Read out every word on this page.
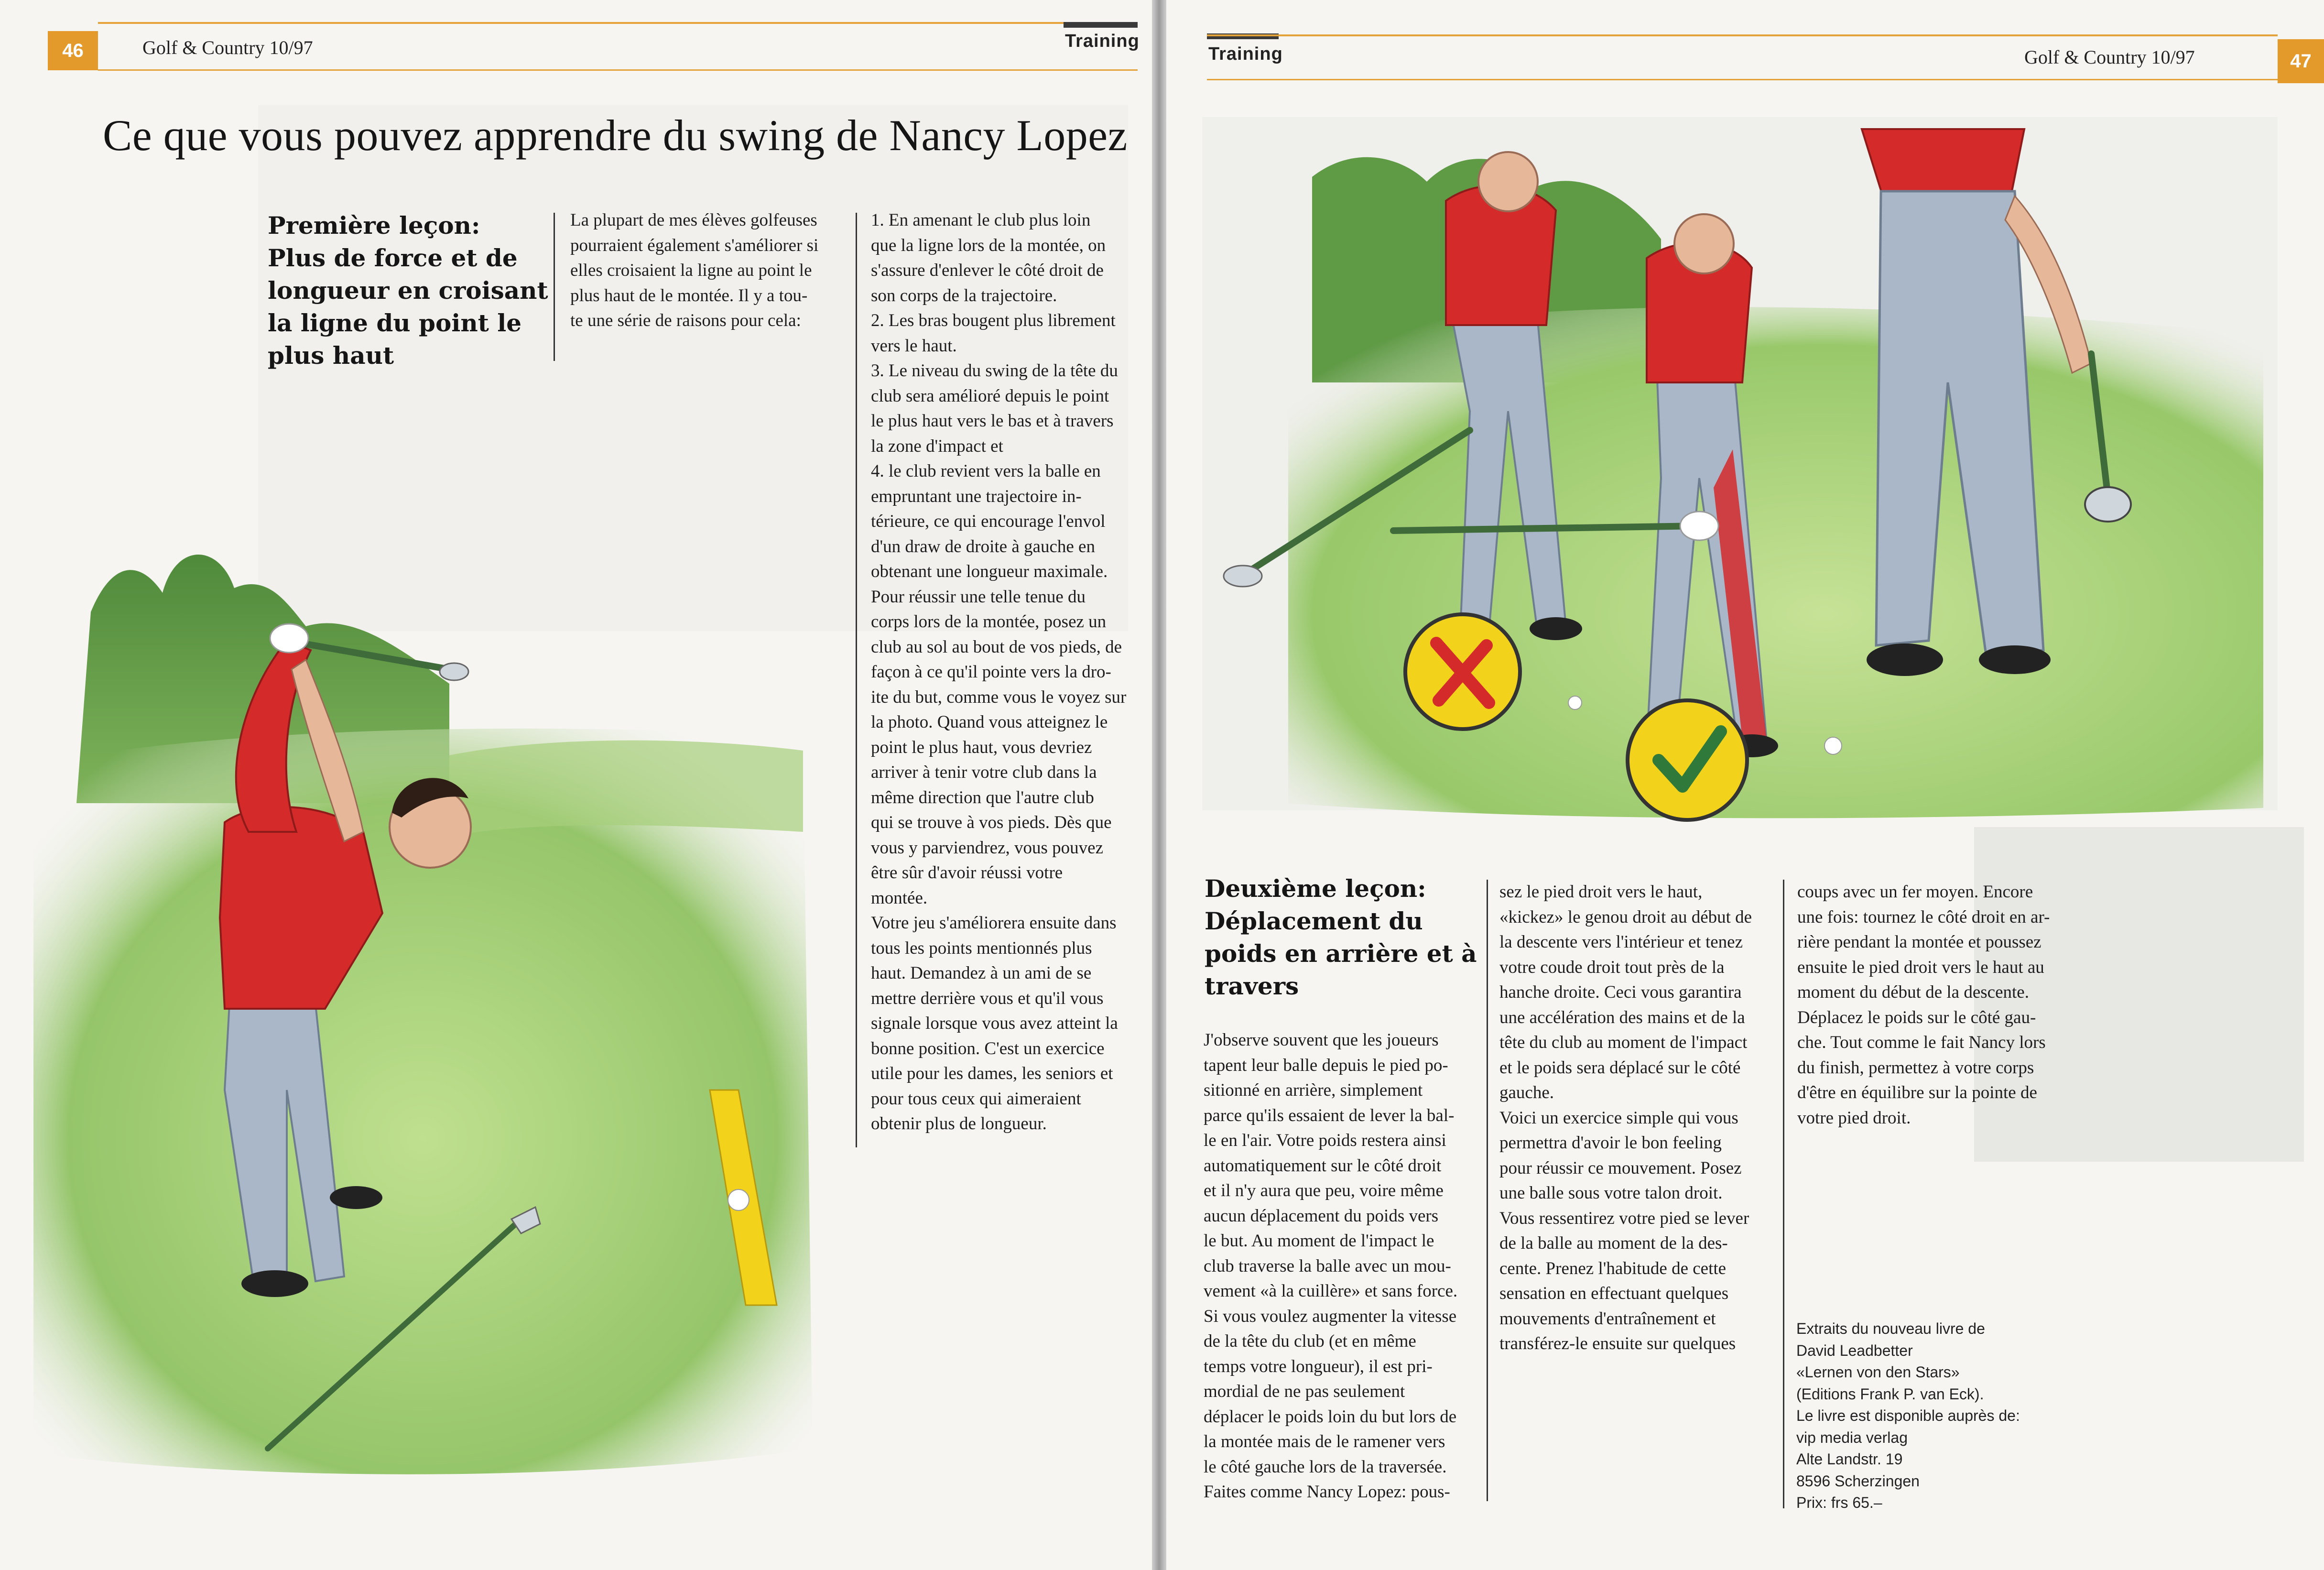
46	Golf & Country 10/97	Training
Ce que vous pouvez apprendre du swing de Nancy Lopez
Première leçon:
Plus de force et de
longueur en croisant
la ligne du point le
plus haut

La plupart de mes élèves golfeuses

pourraient également s'améliorer si

elles croisaient la ligne au point le

plus haut de le montée. Il y a tou-

te une série de raisons pour cela:

1. En amenant le club plus loin

que la ligne lors de la montée, on

s'assure d'enlever le côté droit de

son corps de la trajectoire.

2. Les bras bougent plus librement

vers le haut.

3. Le niveau du swing de la tête du

club sera amélioré depuis le point

le plus haut vers le bas et à travers

la zone d'impact et

4. le club revient vers la balle en

empruntant une trajectoire in-

térieure, ce qui encourage l'envol

d'un draw de droite à gauche en

obtenant une longueur maximale.

Pour réussir une telle tenue du

corps lors de la montée, posez un

club au sol au bout de vos pieds, de

façon à ce qu'il pointe vers la dro-

ite du but, comme vous le voyez sur

la photo. Quand vous atteignez le

point le plus haut, vous devriez

arriver à tenir votre club dans la

même direction que l'autre club

qui se trouve à vos pieds. Dès que

vous y parviendrez, vous pouvez

être sûr d'avoir réussi votre

montée.

Votre jeu s'améliorera ensuite dans

tous les points mentionnés plus

haut. Demandez à un ami de se

mettre derrière vous et qu'il vous

signale lorsque vous avez atteint la

bonne position. C'est un exercice

utile pour les dames, les seniors et

pour tous ceux qui aimeraient

obtenir plus de longueur.

Training	Golf & Country 10/97	47
Deuxième leçon:
Déplacement du
poids en arrière et à
travers

J'observe souvent que les joueurs

tapent leur balle depuis le pied po-

sitionné en arrière, simplement

parce qu'ils essaient de lever la bal-

le en l'air. Votre poids restera ainsi

automatiquement sur le côté droit

et il n'y aura que peu, voire même

aucun déplacement du poids vers

le but. Au moment de l'impact le

club traverse la balle avec un mou-

vement «à la cuillère» et sans force.

Si vous voulez augmenter la vitesse

de la tête du club (et en même

temps votre longueur), il est pri-

mordial de ne pas seulement

déplacer le poids loin du but lors de

la montée mais de le ramener vers

le côté gauche lors de la traversée.

Faites comme Nancy Lopez: pous-

sez le pied droit vers le haut,

«kickez» le genou droit au début de

la descente vers l'intérieur et tenez

votre coude droit tout près de la

hanche droite. Ceci vous garantira

une accélération des mains et de la

tête du club au moment de l'impact

et le poids sera déplacé sur le côté

gauche.

Voici un exercice simple qui vous

permettra d'avoir le bon feeling

pour réussir ce mouvement. Posez

une balle sous votre talon droit.

Vous ressentirez votre pied se lever

de la balle au moment de la des-

cente. Prenez l'habitude de cette

sensation en effectuant quelques

mouvements d'entraînement et

transférez-le ensuite sur quelques

coups avec un fer moyen. Encore

une fois: tournez le côté droit en ar-

rière pendant la montée et poussez

ensuite le pied droit vers le haut au

moment du début de la descente.

Déplacez le poids sur le côté gau-

che. Tout comme le fait Nancy lors

du finish, permettez à votre corps

d'être en équilibre sur la pointe de

votre pied droit.

Extraits du nouveau livre de
David Leadbetter
«Lernen von den Stars»
(Editions Frank P. van Eck).
Le livre est disponible auprès de:
vip media verlag
Alte Landstr. 19
8596 Scherzingen
Prix: frs 65.–
